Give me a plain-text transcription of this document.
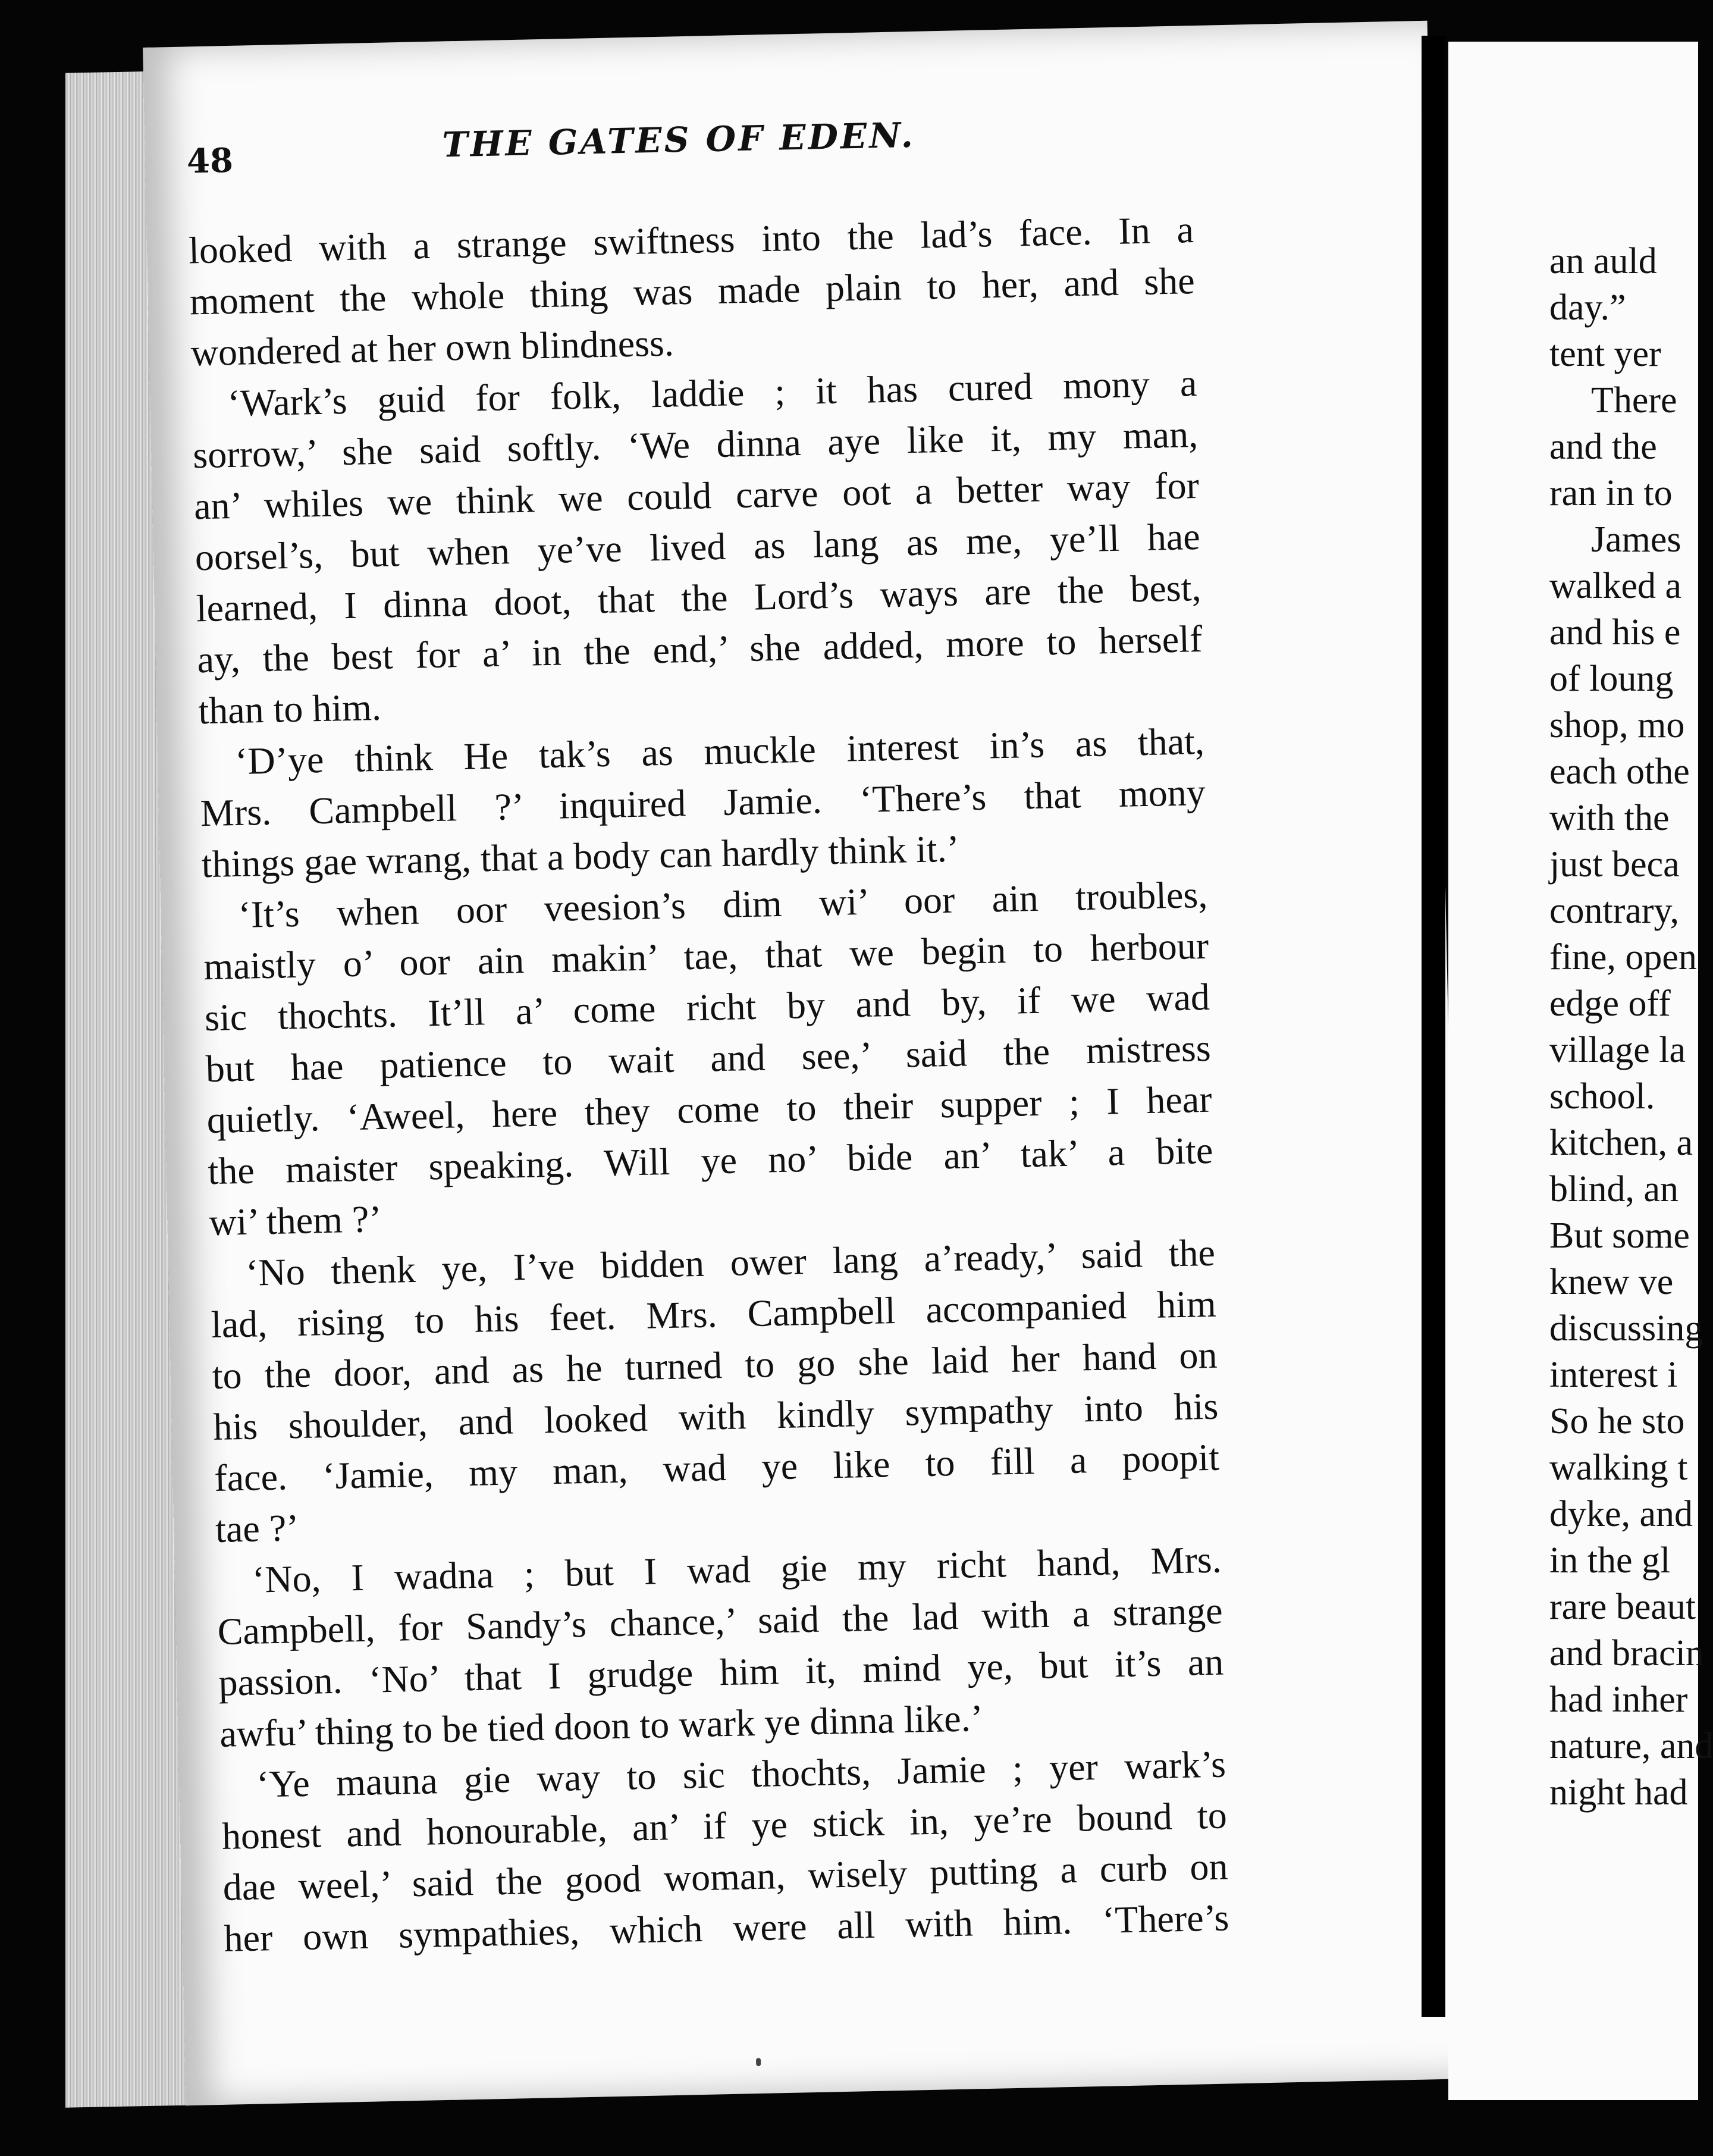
48	THE GATES OF EDEN.
looked with a strange swiftness into the lad’s face. In a
moment the whole thing was made plain to her, and she
wondered at her own blindness.
‘Wark’s guid for folk, laddie ; it has cured mony a
sorrow,’ she said softly. ‘We dinna aye like it, my man,
an’ whiles we think we could carve oot a better way for
oorsel’s, but when ye’ve lived as lang as me, ye’ll hae
learned, I dinna doot, that the Lord’s ways are the best,
ay, the best for a’ in the end,’ she added, more to herself
than to him.
‘D’ye think He tak’s as muckle interest in’s as that,
Mrs. Campbell ?’ inquired Jamie. ‘There’s that mony
things gae wrang, that a body can hardly think it.’
‘It’s when oor veesion’s dim wi’ oor ain troubles,
maistly o’ oor ain makin’ tae, that we begin to herbour
sic thochts. It’ll a’ come richt by and by, if we wad
but hae patience to wait and see,’ said the mistress
quietly. ‘Aweel, here they come to their supper ; I hear
the maister speaking. Will ye no’ bide an’ tak’ a bite
wi’ them ?’
‘No thenk ye, I’ve bidden ower lang a’ready,’ said the
lad, rising to his feet. Mrs. Campbell accompanied him
to the door, and as he turned to go she laid her hand on
his shoulder, and looked with kindly sympathy into his
face. ‘Jamie, my man, wad ye like to fill a poopit
tae ?’
‘No, I wadna ; but I wad gie my richt hand, Mrs.
Campbell, for Sandy’s chance,’ said the lad with a strange
passion. ‘No’ that I grudge him it, mind ye, but it’s an
awfu’ thing to be tied doon to wark ye dinna like.’
‘Ye mauna gie way to sic thochts, Jamie ; yer wark’s
honest and honourable, an’ if ye stick in, ye’re bound to
dae weel,’ said the good woman, wisely putting a curb on
her own sympathies, which were all with him. ‘There’s
an auld
day.”
tent yer
There
and the
ran in to
James
walked a
and his e
of loung
shop, mo
each othe
with the
just beca
contrary,
fine, open
edge off
village la
school.
kitchen, a
blind, an
But some
knew ve
discussing
interest i
So he sto
walking t
dyke, and
in the gl
rare beaut
and bracin
had inher
nature, and
night had
